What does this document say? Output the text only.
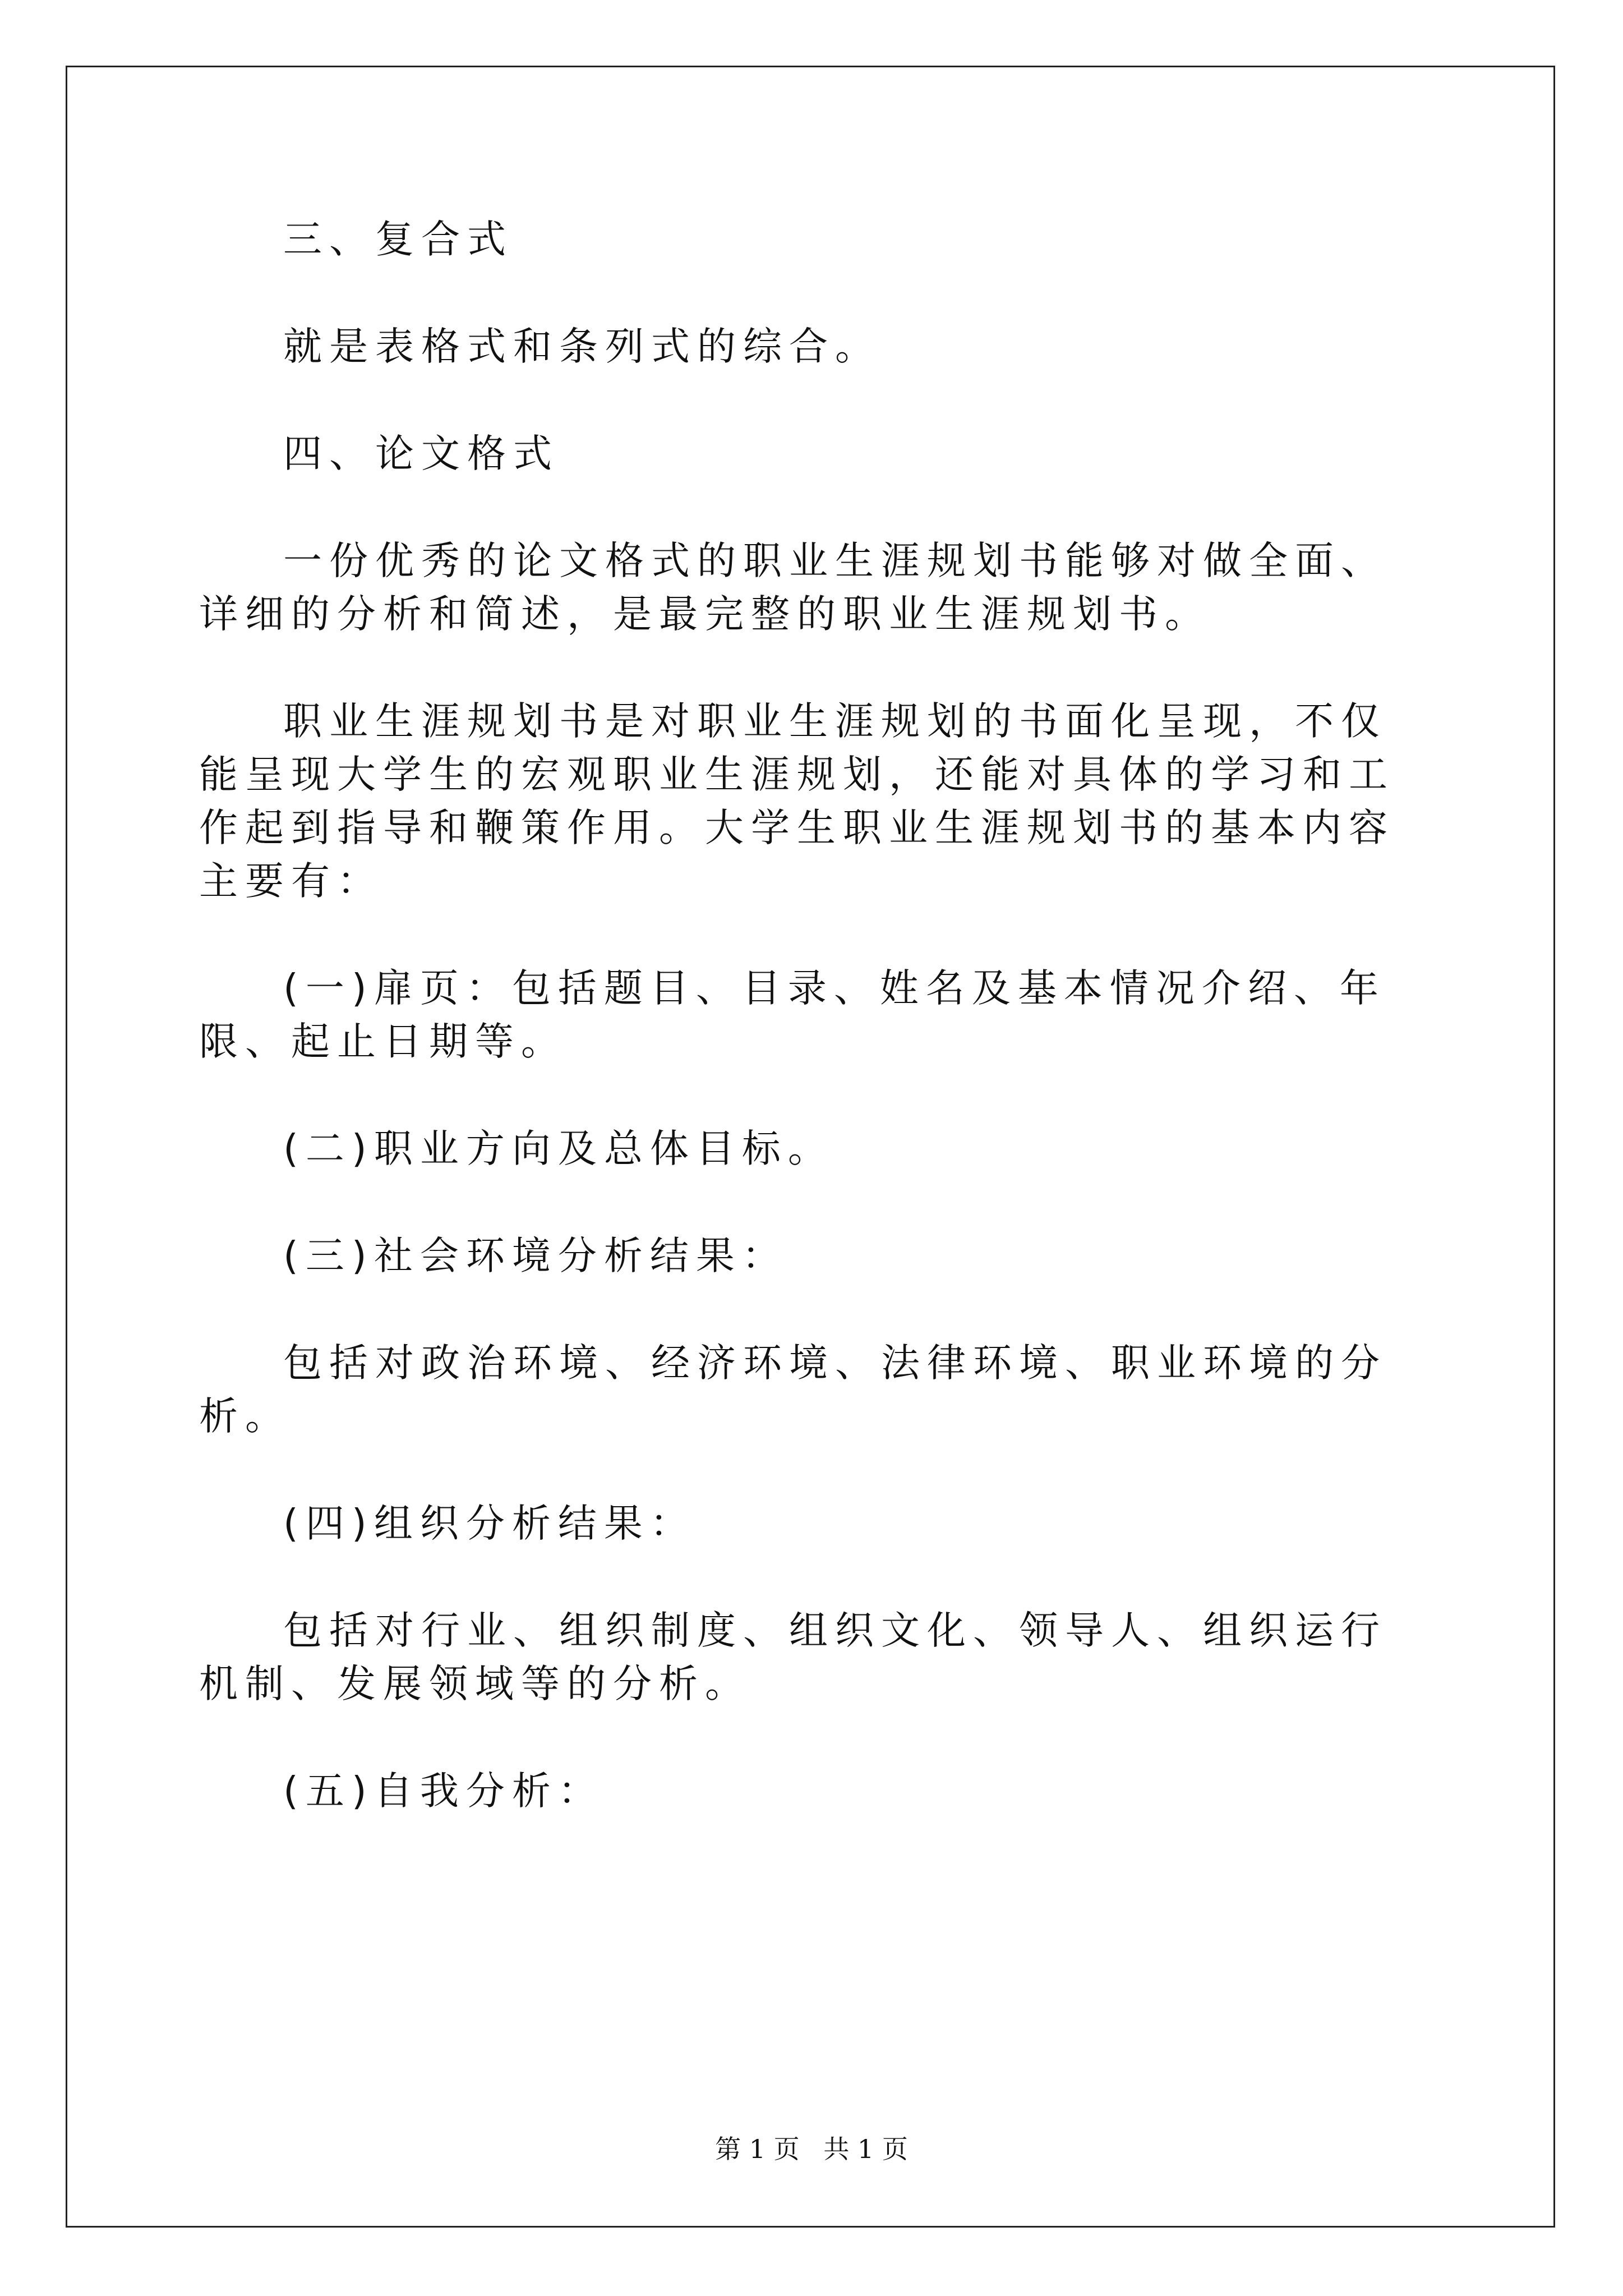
三、复合式

就是表格式和条列式的综合。

四、论文格式

一份优秀的论文格式的职业生涯规划书能够对做全面、详细的分析和简述，是最完整的职业生涯规划书。

职业生涯规划书是对职业生涯规划的书面化呈现，不仅能呈现大学生的宏观职业生涯规划，还能对具体的学习和工作起到指导和鞭策作用。大学生职业生涯规划书的基本内容主要有：

(一)扉页：包括题目、目录、姓名及基本情况介绍、年限、起止日期等。

(二)职业方向及总体目标。

(三)社会环境分析结果：

包括对政治环境、经济环境、法律环境、职业环境的分析。

(四)组织分析结果：

包括对行业、组织制度、组织文化、领导人、组织运行机制、发展领域等的分析。

(五)自我分析：

第 1 页 共 1 页
